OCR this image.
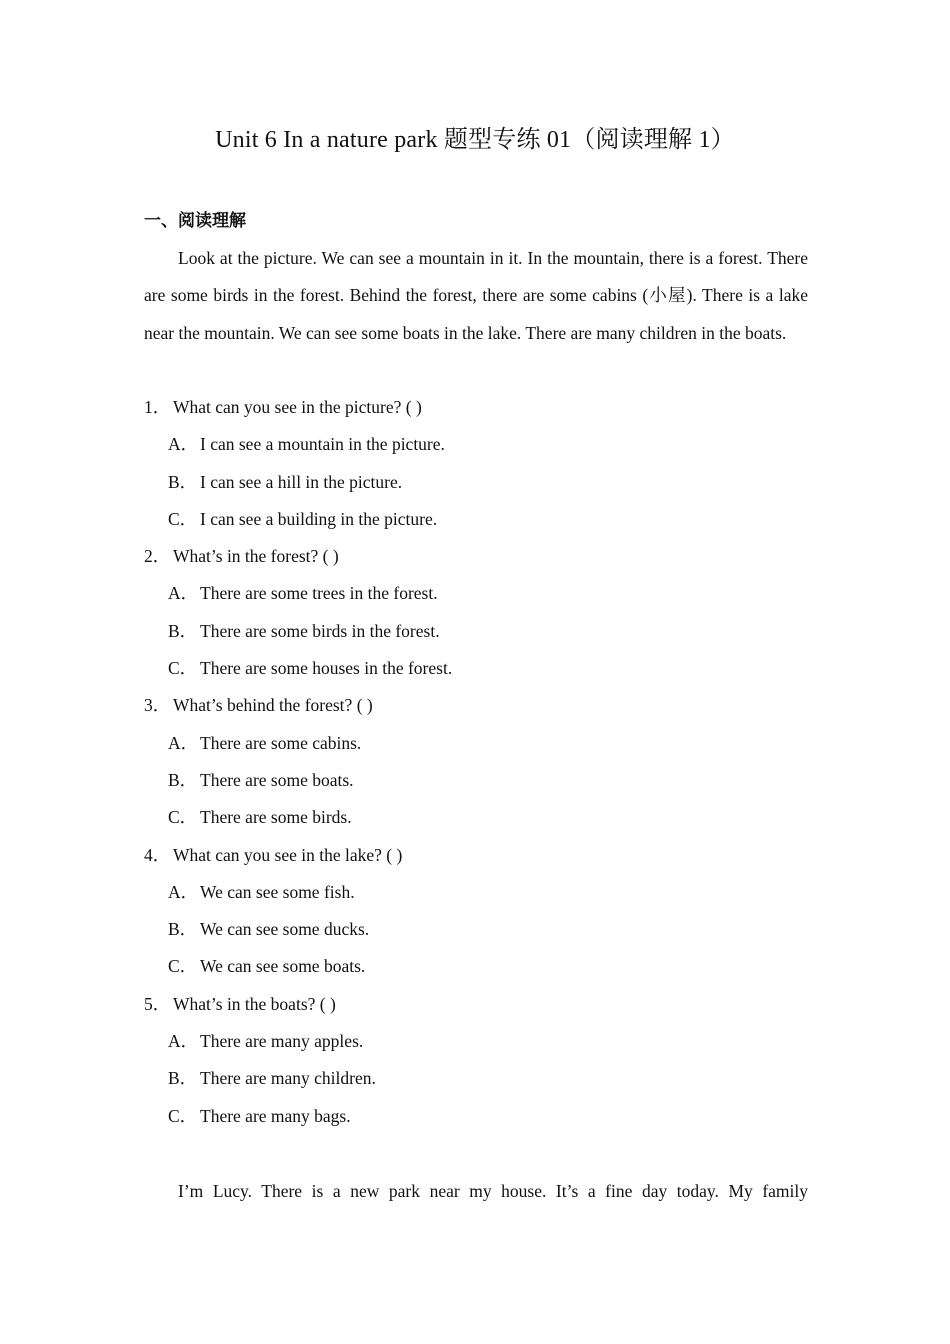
Unit 6 In a nature park 题型专练 01（阅读理解 1）
一、阅读理解
Look at the picture. We can see a mountain in it. In the mountain, there is a forest. There are some birds in the forest. Behind the forest, there are some cabins (小屋). There is a lake near the mountain. We can see some boats in the lake. There are many children in the boats.
1． What can you see in the picture? ( )
A． I can see a mountain in the picture.
B． I can see a hill in the picture.
C． I can see a building in the picture.
2． What’s in the forest? ( )
A． There are some trees in the forest.
B． There are some birds in the forest.
C． There are some houses in the forest.
3． What’s behind the forest? ( )
A． There are some cabins.
B． There are some boats.
C． There are some birds.
4． What can you see in the lake? ( )
A． We can see some fish.
B． We can see some ducks.
C． We can see some boats.
5． What’s in the boats? ( )
A． There are many apples.
B． There are many children.
C． There are many bags.
I’m Lucy. There is a new park near my house. It’s a fine day today. My family
